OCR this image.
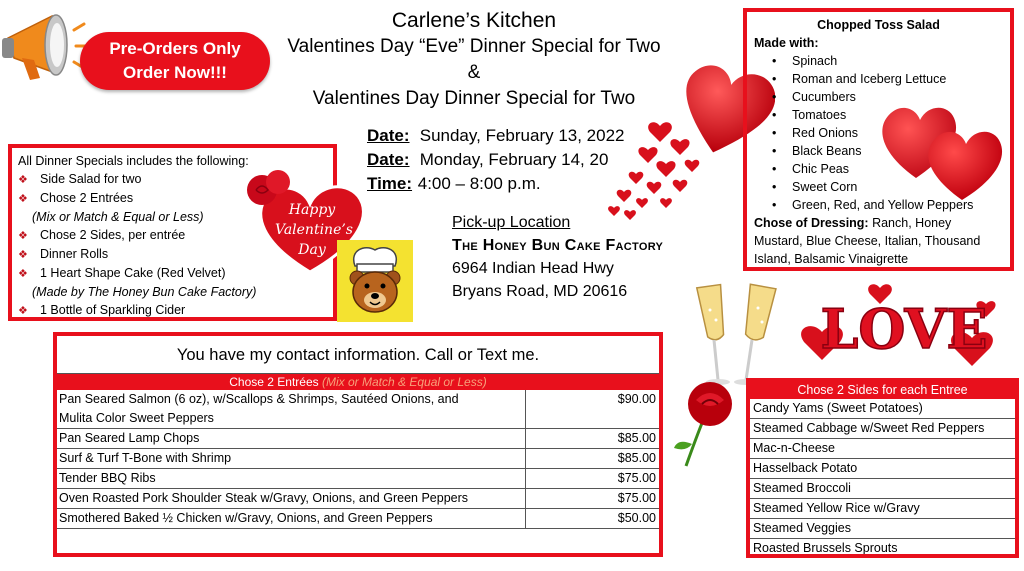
Pre-Orders Only
Order Now!!!
Carlene’s Kitchen
Valentines Day “Eve” Dinner Special for Two
&
Valentines Day Dinner Special for Two
Date: Sunday, February 13, 2022
Date: Monday, February 14, 20
Time: 4:00 – 8:00 p.m.
Pick-up Location
The Honey Bun Cake Factory
6964 Indian Head Hwy
Bryans Road, MD 20616
All Dinner Specials includes the following:
❖ Side Salad for two
❖ Chose 2 Entrées
(Mix or Match & Equal or Less)
❖ Chose 2 Sides, per entrée
❖ Dinner Rolls
❖ 1 Heart Shape Cake (Red Velvet)
(Made by The Honey Bun Cake Factory)
❖ 1 Bottle of Sparkling Cider
Happy
Valentine’s
Day
Chopped Toss Salad
Made with:
• Spinach
• Roman and Iceberg Lettuce
• Cucumbers
• Tomatoes
• Red Onions
• Black Beans
• Chic Peas
• Sweet Corn
• Green, Red, and Yellow Peppers
Chose of Dressing: Ranch, Honey
Mustard, Blue Cheese, Italian, Thousand
Island, Balsamic Vinaigrette
LOVE
You have my contact information. Call or Text me.
Chose 2 Entrées (Mix or Match & Equal or Less)
Pan Seared Salmon (6 oz), w/Scallops & Shrimps, Sautéed Onions, and
Mulita Color Sweet Peppers
$90.00
Pan Seared Lamp Chops	$85.00
Surf & Turf T-Bone with Shrimp	$85.00
Tender BBQ Ribs	$75.00
Oven Roasted Pork Shoulder Steak w/Gravy, Onions, and Green Peppers	$75.00
Smothered Baked ½ Chicken w/Gravy, Onions, and Green Peppers	$50.00
Chose 2 Sides for each Entree
Candy Yams (Sweet Potatoes)
Steamed Cabbage w/Sweet Red Peppers
Mac-n-Cheese
Hasselback Potato
Steamed Broccoli
Steamed Yellow Rice w/Gravy
Steamed Veggies
Roasted Brussels Sprouts
